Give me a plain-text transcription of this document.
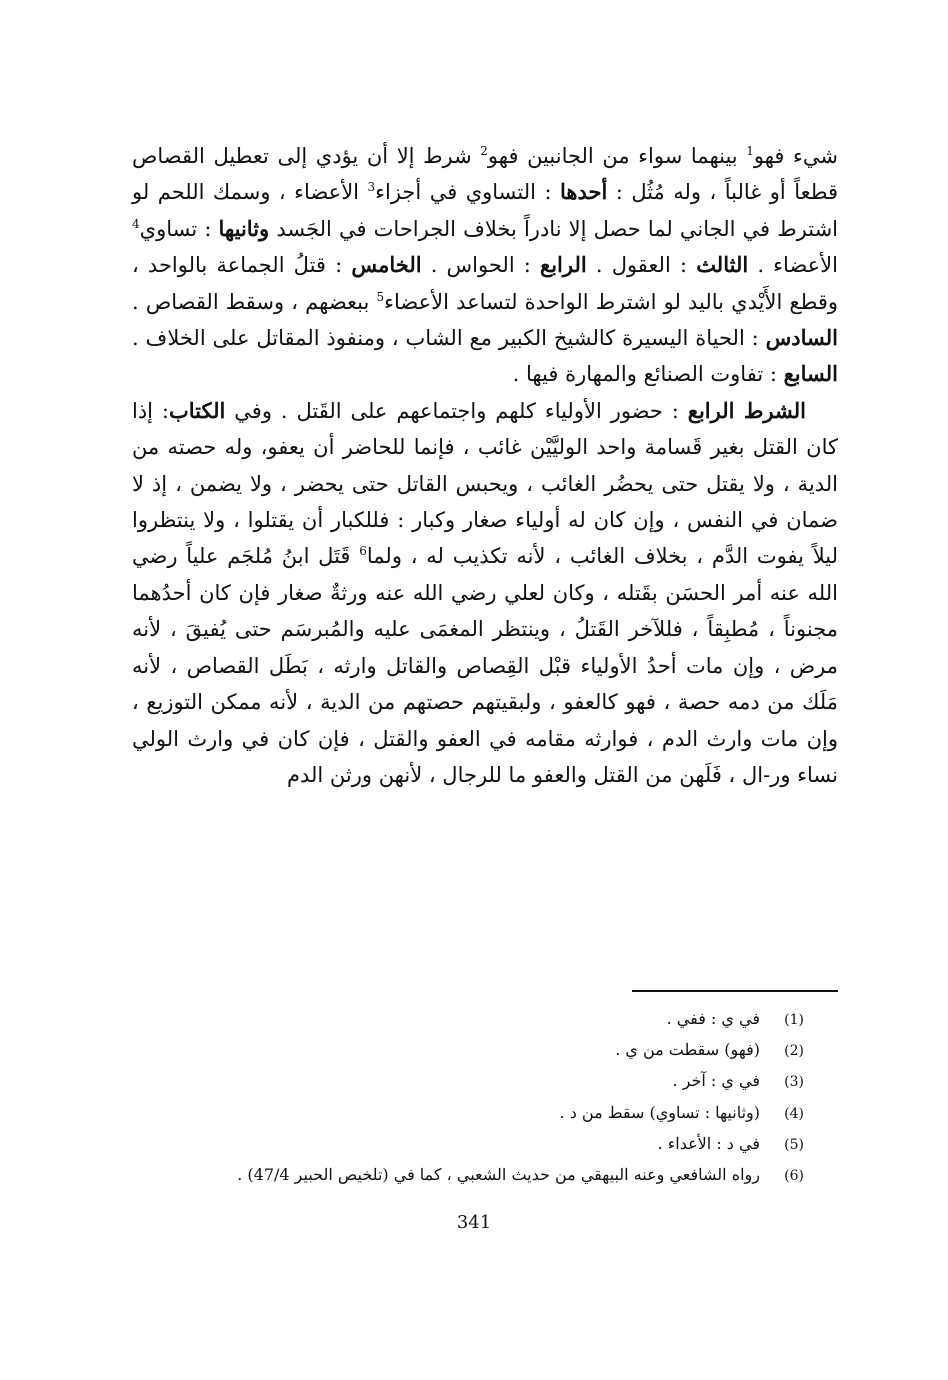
شيء فهو$^1$ بينهما سواء من الجانبين فهو$^2$ شرط إلا أن يؤدي إلى تعطيل القصاص قطعاً أو غالباً ، وله مُثُل : أحدها : التساوي في أجزاء$^3$ الأعضاء ، وسمك اللحم لو اشترط في الجاني لما حصل إلا نادراً بخلاف الجراحات في الجَسد وثانيها : تساوي$^4$ الأعضاء . الثالث : العقول . الرابع : الحواس . الخامس : قتلُ الجماعة بالواحد ، وقطع الأَيْدي باليد لو اشترط الواحدة لتساعد الأعضاء$^5$ ببعضهم ، وسقط القصاص . السادس : الحياة اليسيرة كالشيخ الكبير مع الشاب ، ومنفوذ المقاتل على الخلاف . السابع : تفاوت الصنائع والمهارة فيها .

الشرط الرابع : حضور الأولياء كلهم واجتماعهم على القَتل . وفي الكتاب: إذا كان القتل بغير قَسامة واحد الوليَّيْن غائب ، فإنما للحاضر أن يعفو، وله حصته من الدية ، ولا يقتل حتى يحضُر الغائب ، ويحبس القاتل حتى يحضر ، ولا يضمن ، إذ لا ضمان في النفس ، وإن كان له أولياء صغار وكبار : فللكبار أن يقتلوا ، ولا ينتظروا ليلاً يفوت الدَّم ، بخلاف الغائب ، لأنه تكذيب له ، ولما$^6$ قَتَل ابنُ مُلجَم علياً رضي الله عنه أمر الحسَن بقَتله ، وكان لعلي رضي الله عنه ورثةٌ صغار فإن كان أحدُهما مجنوناً ، مُطبِقاً ، فللآخر القَتلُ ، وينتظر المغمَى عليه والمُبرسَم حتى يُفيقَ ، لأنه مرض ، وإن مات أحدُ الأولياء قبْل القِصاص والقاتل وارثه ، بَطَل القصاص ، لأنه مَلَك من دمه حصة ، فهو كالعفو ، ولبقيتهم حصتهم من الدية ، لأنه ممكن التوزيع ، وإن مات وارث الدم ، فوارثه مقامه في العفو والقتل ، فإن كان في وارث الولي نساء ور-ال ، فَلَهن من القتل والعفو ما للرجال ، لأنهن ورثن الدم

(1)
في ي : ففي .
(2)
(فهو) سقطت من ي .
(3)
في ي : آخر .
(4)
(وثانيها : تساوي) سقط من د .
(5)
في د : الأعداء .
(6)
رواه الشافعي وعنه البيهقي من حديث الشعبي ، كما في (تلخيص الحبير 47/4) .
341
